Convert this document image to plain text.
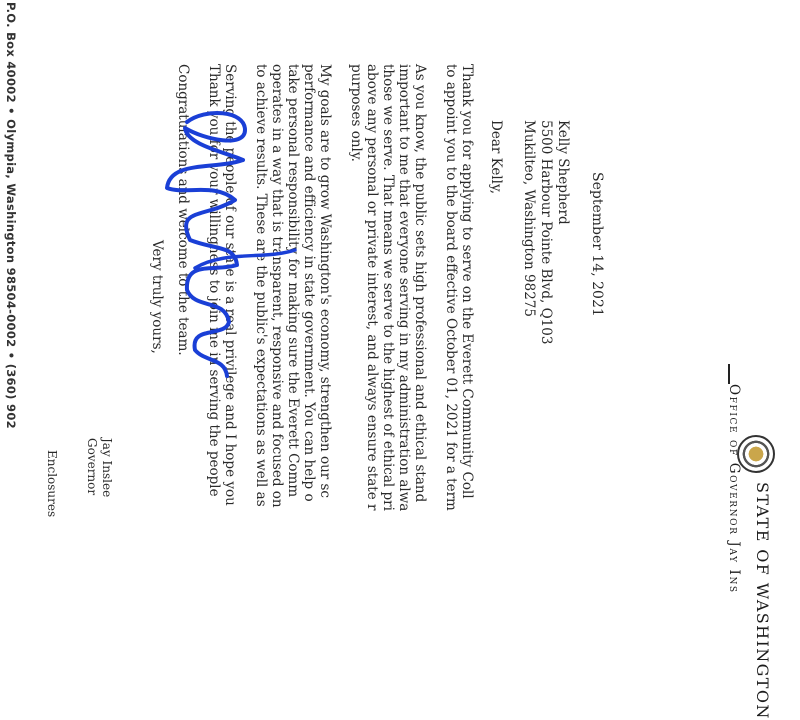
STATE OF WASHINGTON
Office of Governor Jay Ins
September 14, 2021
Kelly Shepherd
5500 Harbour Pointe Blvd, Q103
Mukilteo, Washington 98275
Dear Kelly,
Thank you for applying to serve on the Everett Community Coll
to appoint you to the board effective October 01, 2021 for a term
As you know, the public sets high professional and ethical stand
important to me that everyone serving in my administration alwa
those we serve. That means we serve to the highest of ethical pri
above any personal or private interest, and always ensure state r
purposes only.
My goals are to grow Washington's economy, strengthen our sc
performance and efficiency in state government. You can help o
take personal responsibility for making sure the Everett Comm
operates in a way that is transparent, responsive and focused on
to achieve results. These are the public's expectations as well as
Serving the people of our state is a real privilege and I hope you
Thank you for your willingness to join me in serving the people
Congratulations and welcome to the team.
Very truly yours,
Jay Inslee
Governor
Enclosures
P.O. Box 40002 • Olympia, Washington 98504-0002 • (360) 902
